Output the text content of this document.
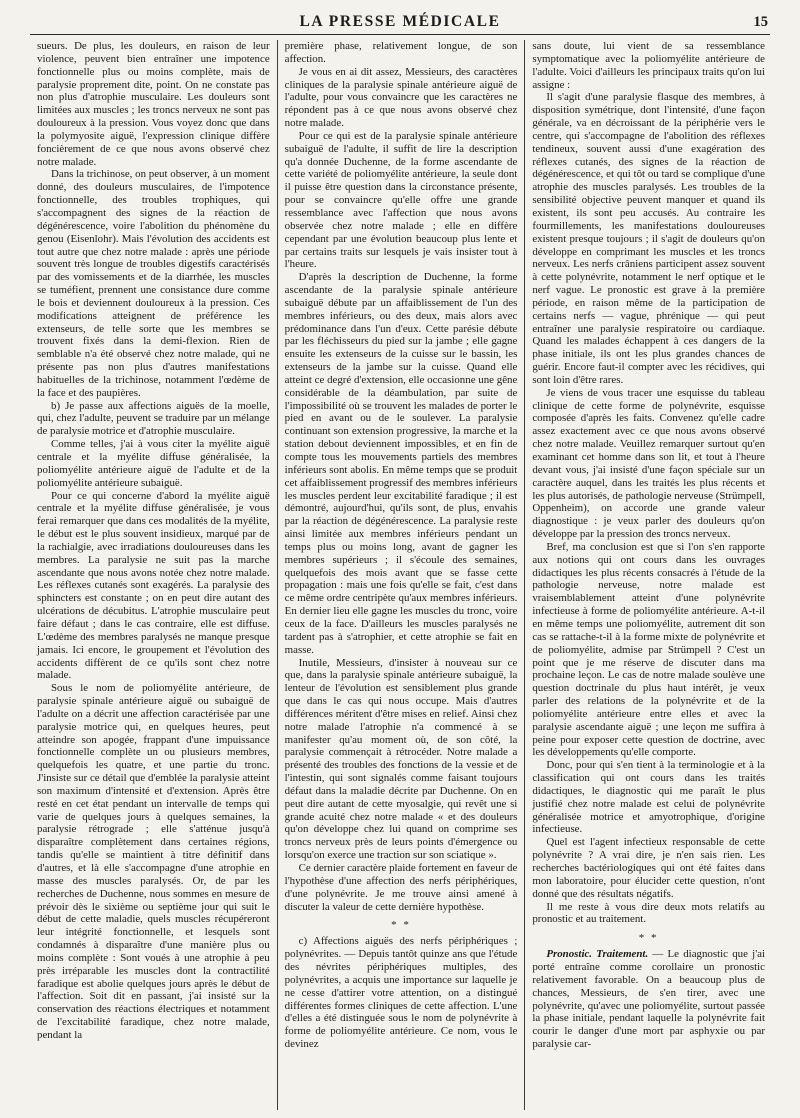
LA PRESSE MÉDICALE	15

sueurs. De plus, les douleurs, en raison de leur violence, peuvent bien entraîner une impotence fonctionnelle plus ou moins complète, mais de paralysie proprement dite, point. On ne constate pas non plus d'atrophie musculaire. Les douleurs sont limitées aux muscles ; les troncs nerveux ne sont pas douloureux à la pression. Vous voyez donc que dans la polymyosite aiguë, l'expression clinique diffère foncièrement de ce que nous avons observé chez notre malade.

Dans la trichinose, on peut observer, à un moment donné, des douleurs musculaires, de l'impotence fonctionnelle, des troubles trophiques, qui s'accompagnent des signes de la réaction de dégénérescence, voire l'abolition du phénomène du genou (Eisenlohr). Mais l'évolution des accidents est tout autre que chez notre malade : après une période souvent très longue de troubles digestifs caractérisés par des vomissements et de la diarrhée, les muscles se tuméfient, prennent une consistance dure comme le bois et deviennent douloureux à la pression. Ces modifications atteignent de préférence les extenseurs, de telle sorte que les membres se trouvent fixés dans la demi-flexion. Rien de semblable n'a été observé chez notre malade, qui ne présente pas non plus d'autres manifestations habituelles de la trichinose, notamment l'œdème de la face et des paupières.

b) Je passe aux affections aiguës de la moelle, qui, chez l'adulte, peuvent se traduire par un mélange de paralysie motrice et d'atrophie musculaire.

Comme telles, j'ai à vous citer la myélite aiguë centrale et la myélite diffuse généralisée, la poliomyélite antérieure aiguë de l'adulte et de la poliomyélite antérieure subaiguë.

Pour ce qui concerne d'abord la myélite aiguë centrale et la myélite diffuse généralisée, je vous ferai remarquer que dans ces modalités de la myélite, le début est le plus souvent insidieux, marqué par de la rachialgie, avec irradiations douloureuses dans les membres. La paralysie ne suit pas la marche ascendante que nous avons notée chez notre malade. Les réflexes cutanés sont exagérés. La paralysie des sphincters est constante ; on en peut dire autant des ulcérations de décubitus. L'atrophie musculaire peut faire défaut ; dans le cas contraire, elle est diffuse. L'œdème des membres paralysés ne manque presque jamais. Ici encore, le groupement et l'évolution des accidents diffèrent de ce qu'ils sont chez notre malade.

Sous le nom de poliomyélite antérieure, de paralysie spinale antérieure aiguë ou subaiguë de l'adulte on a décrit une affection caractérisée par une paralysie motrice qui, en quelques heures, peut atteindre son apogée, frappant d'une impuissance fonctionnelle complète un ou plusieurs membres, quelquefois les quatre, et une partie du tronc. J'insiste sur ce détail que d'emblée la paralysie atteint son maximum d'intensité et d'extension. Après être resté en cet état pendant un intervalle de temps qui varie de quelques jours à quelques semaines, la paralysie rétrograde ; elle s'atténue jusqu'à disparaître complètement dans certaines régions, tandis qu'elle se maintient à titre définitif dans d'autres, et là elle s'accompagne d'une atrophie en masse des muscles paralysés. Or, de par les recherches de Duchenne, nous sommes en mesure de prévoir dès le sixième ou septième jour qui suit le début de cette maladie, quels muscles récupéreront leur intégrité fonctionnelle, et lesquels sont condamnés à disparaître d'une manière plus ou moins complète : Sont voués à une atrophie à peu près irréparable les muscles dont la contractilité faradique est abolie quelques jours après le début de l'affection. Soit dit en passant, j'ai insisté sur la conservation des réactions électriques et notamment de l'excitabilité faradique, chez notre malade, pendant la

première phase, relativement longue, de son affection.

Je vous en ai dit assez, Messieurs, des caractères cliniques de la paralysie spinale antérieure aiguë de l'adulte, pour vous convaincre que les caractères ne répondent pas à ce que nous avons observé chez notre malade.

Pour ce qui est de la paralysie spinale antérieure subaiguë de l'adulte, il suffit de lire la description qu'a donnée Duchenne, de la forme ascendante de cette variété de poliomyélite antérieure, la seule dont il puisse être question dans la circonstance présente, pour se convaincre qu'elle offre une grande ressemblance avec l'affection que nous avons observée chez notre malade ; elle en diffère cependant par une évolution beaucoup plus lente et par certains traits sur lesquels je vais insister tout à l'heure.

D'après la description de Duchenne, la forme ascendante de la paralysie spinale antérieure subaiguë débute par un affaiblissement de l'un des membres inférieurs, ou des deux, mais alors avec prédominance dans l'un d'eux. Cette parésie débute par les fléchisseurs du pied sur la jambe ; elle gagne ensuite les extenseurs de la cuisse sur le bassin, les extenseurs de la jambe sur la cuisse. Quand elle atteint ce degré d'extension, elle occasionne une gêne considérable de la déambulation, par suite de l'impossibilité où se trouvent les malades de porter le pied en avant ou de le soulever. La paralysie continuant son extension progressive, la marche et la station debout deviennent impossibles, et en fin de compte tous les mouvements partiels des membres inférieurs sont abolis. En même temps que se produit cet affaiblissement progressif des membres inférieurs les muscles perdent leur excitabilité faradique ; il est démontré, aujourd'hui, qu'ils sont, de plus, envahis par la réaction de dégénérescence. La paralysie reste ainsi limitée aux membres inférieurs pendant un temps plus ou moins long, avant de gagner les membres supérieurs ; il s'écoule des semaines, quelquefois des mois avant que se fasse cette propagation : mais une fois qu'elle se fait, c'est dans ce même ordre centripète qu'aux membres inférieurs. En dernier lieu elle gagne les muscles du tronc, voire ceux de la face. D'ailleurs les muscles paralysés ne tardent pas à s'atrophier, et cette atrophie se fait en masse.

Inutile, Messieurs, d'insister à nouveau sur ce que, dans la paralysie spinale antérieure subaiguë, la lenteur de l'évolution est sensiblement plus grande que dans le cas qui nous occupe. Mais d'autres différences méritent d'être mises en relief. Ainsi chez notre malade l'atrophie n'a commencé à se manifester qu'au moment où, de son côté, la paralysie commençait à rétrocéder. Notre malade a présenté des troubles des fonctions de la vessie et de l'intestin, qui sont signalés comme faisant toujours défaut dans la maladie décrite par Duchenne. On en peut dire autant de cette myosalgie, qui revêt une si grande acuité chez notre malade « et des douleurs qu'on développe chez lui quand on comprime ses troncs nerveux près de leurs points d'émergence ou lorsqu'on exerce une traction sur son sciatique ».

Ce dernier caractère plaide fortement en faveur de l'hypothèse d'une affection des nerfs périphériques, d'une polynévrite. Je me trouve ainsi amené à discuter la valeur de cette dernière hypothèse.

* *

c) Affections aiguës des nerfs périphériques ; polynévrites. — Depuis tantôt quinze ans que l'étude des névrites périphériques multiples, des polynévrites, a acquis une importance sur laquelle je ne cesse d'attirer votre attention, on a distingué différentes formes cliniques de cette affection. L'une d'elles a été distinguée sous le nom de polynévrite à forme de poliomyélite antérieure. Ce nom, vous le devinez

sans doute, lui vient de sa ressemblance symptomatique avec la poliomyélite antérieure de l'adulte. Voici d'ailleurs les principaux traits qu'on lui assigne :

Il s'agit d'une paralysie flasque des membres, à disposition symétrique, dont l'intensité, d'une façon générale, va en décroissant de la périphérie vers le centre, qui s'accompagne de l'abolition des réflexes tendineux, souvent aussi d'une exagération des réflexes cutanés, des signes de la réaction de dégénérescence, et qui tôt ou tard se complique d'une atrophie des muscles paralysés. Les troubles de la sensibilité objective peuvent manquer et quand ils existent, ils sont peu accusés. Au contraire les fourmillements, les manifestations douloureuses existent presque toujours ; il s'agit de douleurs qu'on développe en comprimant les muscles et les troncs nerveux. Les nerfs crâniens participent assez souvent à cette polynévrite, notamment le nerf optique et le nerf vague. Le pronostic est grave à la première période, en raison même de la participation de certains nerfs — vague, phrénique — qui peut entraîner une paralysie respiratoire ou cardiaque. Quand les malades échappent à ces dangers de la phase initiale, ils ont les plus grandes chances de guérir. Encore faut-il compter avec les récidives, qui sont loin d'être rares.

Je viens de vous tracer une esquisse du tableau clinique de cette forme de polynévrite, esquisse composée d'après les faits. Convenez qu'elle cadre assez exactement avec ce que nous avons observé chez notre malade. Veuillez remarquer surtout qu'en examinant cet homme dans son lit, et tout à l'heure devant vous, j'ai insisté d'une façon spéciale sur un caractère auquel, dans les traités les plus récents et les plus autorisés, de pathologie nerveuse (Strümpell, Oppenheim), on accorde une grande valeur diagnostique : je veux parler des douleurs qu'on développe par la pression des troncs nerveux.

Bref, ma conclusion est que si l'on s'en rapporte aux notions qui ont cours dans les ouvrages didactiques les plus récents consacrés à l'étude de la pathologie nerveuse, notre malade est vraisemblablement atteint d'une polynévrite infectieuse à forme de poliomyélite antérieure. A-t-il en même temps une poliomyélite, autrement dit son cas se rattache-t-il à la forme mixte de polynévrite et de poliomyélite, admise par Strümpell ? C'est un point que je me réserve de discuter dans ma prochaine leçon. Le cas de notre malade soulève une question doctrinale du plus haut intérêt, je veux parler des relations de la polynévrite et de la poliomyélite antérieure entre elles et avec la paralysie ascendante aiguë ; une leçon me suffira à peine pour exposer cette question de doctrine, avec les développements qu'elle comporte.

Donc, pour qui s'en tient à la terminologie et à la classification qui ont cours dans les traités didactiques, le diagnostic qui me paraît le plus justifié chez notre malade est celui de polynévrite généralisée motrice et amyotrophique, d'origine infectieuse.

Quel est l'agent infectieux responsable de cette polynévrite ? A vrai dire, je n'en sais rien. Les recherches bactériologiques qui ont été faites dans mon laboratoire, pour élucider cette question, n'ont donné que des résultats négatifs.

Il me reste à vous dire deux mots relatifs au pronostic et au traitement.

* *

Pronostic. Traitement. — Le diagnostic que j'ai porté entraîne comme corollaire un pronostic relativement favorable. On a beaucoup plus de chances, Messieurs, de s'en tirer, avec une polynévrite, qu'avec une poliomyélite, surtout passée la phase initiale, pendant laquelle la polynévrite fait courir le danger d'une mort par asphyxie ou par paralysie car-
